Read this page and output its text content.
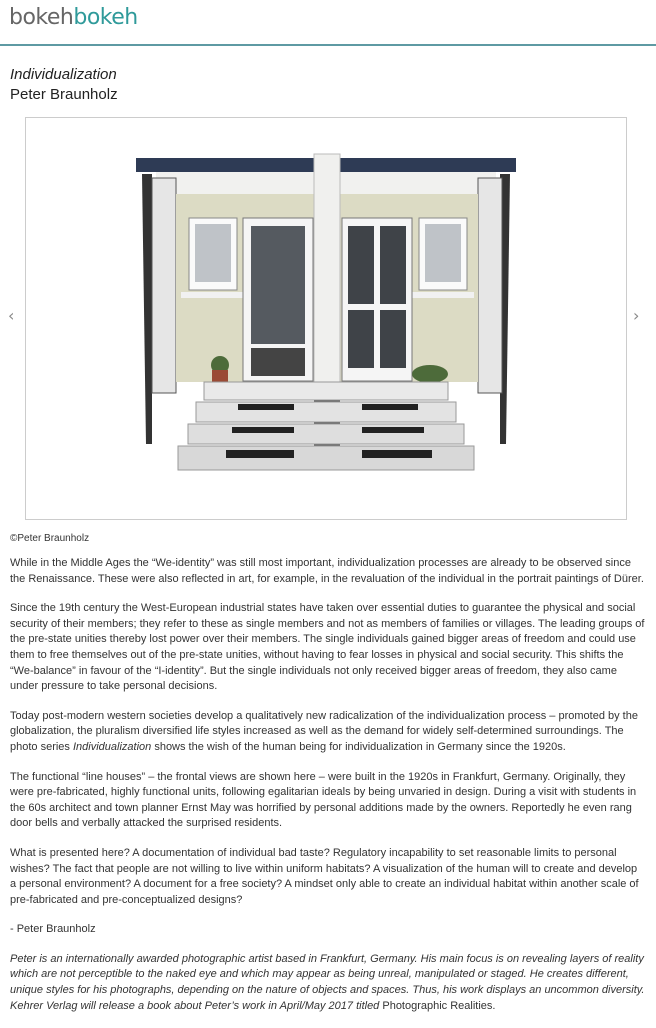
bokehbokeh
Individualization
Peter Braunholz
‹	›
©Peter Braunholz

While in the Middle Ages the “We-identity” was still most important, individualization processes are already to be observed since the Renaissance. These were also reflected in art, for example, in the revaluation of the individual in the portrait paintings of Dürer.

Since the 19th century the West-European industrial states have taken over essential duties to guarantee the physical and social security of their members; they refer to these as single members and not as members of families or villages. The leading groups of the pre-state unities thereby lost power over their members. The single individuals gained bigger areas of freedom and could use them to free themselves out of the pre-state unities, without having to fear losses in physical and social security. This shifts the “We-balance” in favour of the “I-identity”. But the single individuals not only received bigger areas of freedom, they also came under pressure to take personal decisions.

Today post-modern western societies develop a qualitatively new radicalization of the individualization process – promoted by the globalization, the pluralism diversified life styles increased as well as the demand for widely self-determined surroundings. The photo series Individualization shows the wish of the human being for individualization in Germany since the 1920s.

The functional “line houses” – the frontal views are shown here – were built in the 1920s in Frankfurt, Germany. Originally, they were pre-fabricated, highly functional units, following egalitarian ideals by being unvaried in design. During a visit with students in the 60s architect and town planner Ernst May was horrified by personal additions made by the owners. Reportedly he even rang door bells and verbally attacked the surprised residents.

What is presented here? A documentation of individual bad taste? Regulatory incapability to set reasonable limits to personal wishes? The fact that people are not willing to live within uniform habitats? A visualization of the human will to create and develop a personal environment? A document for a free society? A mindset only able to create an individual habitat within another scale of pre-fabricated and pre-conceptualized designs?

- Peter Braunholz

Peter is an internationally awarded photographic artist based in Frankfurt, Germany. His main focus is on revealing layers of reality which are not perceptible to the naked eye and which may appear as being unreal, manipulated or staged. He creates different, unique styles for his photographs, depending on the nature of objects and spaces. Thus, his work displays an uncommon diversity. Kehrer Verlag will release a book about Peter’s work in April/May 2017 titled Photographic Realities.
